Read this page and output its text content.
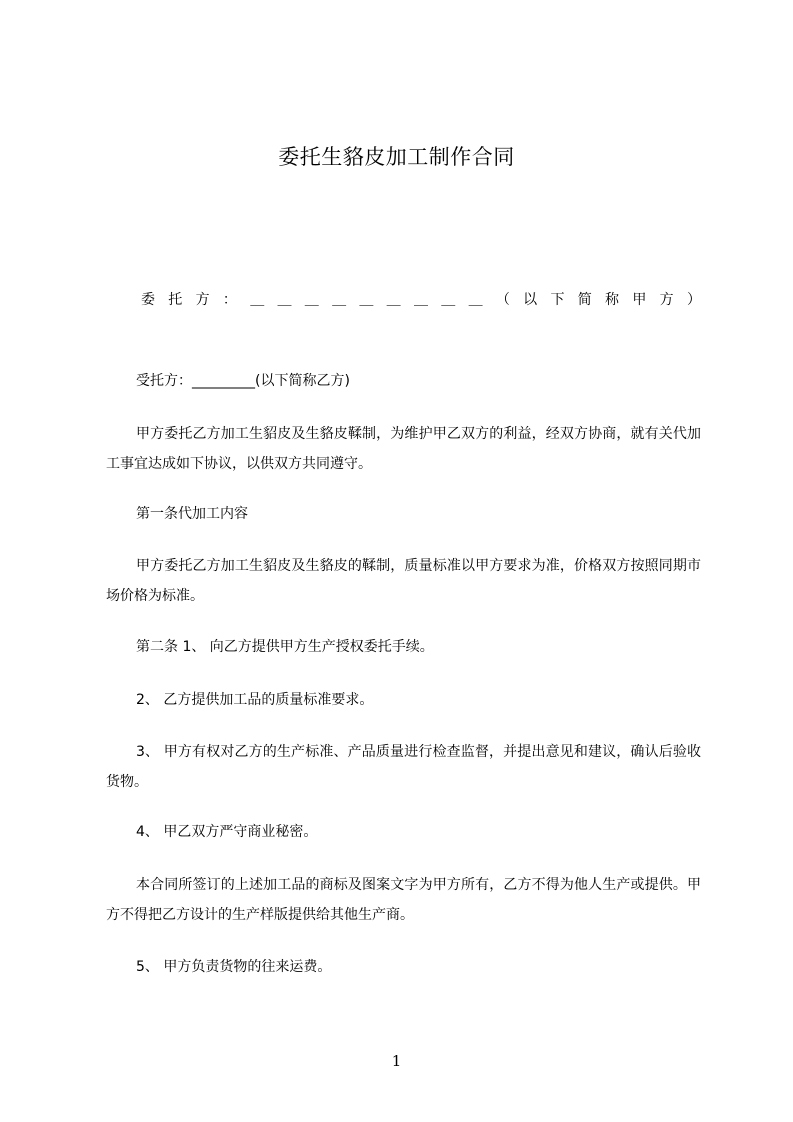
委托生貉皮加工制作合同
委 托 方 ： ＿ ＿ ＿ ＿ ＿ ＿ ＿ ＿ ＿ （ 以 下 简 称 甲 方 ）
受托方：_________(以下简称乙方)
甲方委托乙方加工生貂皮及生貉皮鞣制，为维护甲乙双方的利益，经双方协商，就有关代加工事宜达成如下协议，以供双方共同遵守。
第一条代加工内容
甲方委托乙方加工生貂皮及生貉皮的鞣制，质量标准以甲方要求为准，价格双方按照同期市场价格为标准。
第二条 1、 向乙方提供甲方生产授权委托手续。
2、 乙方提供加工品的质量标准要求。
3、 甲方有权对乙方的生产标准、产品质量进行检查监督，并提出意见和建议，确认后验收货物。
4、 甲乙双方严守商业秘密。
本合同所签订的上述加工品的商标及图案文字为甲方所有，乙方不得为他人生产或提供。甲方不得把乙方设计的生产样版提供给其他生产商。
5、 甲方负责货物的往来运费。
1
